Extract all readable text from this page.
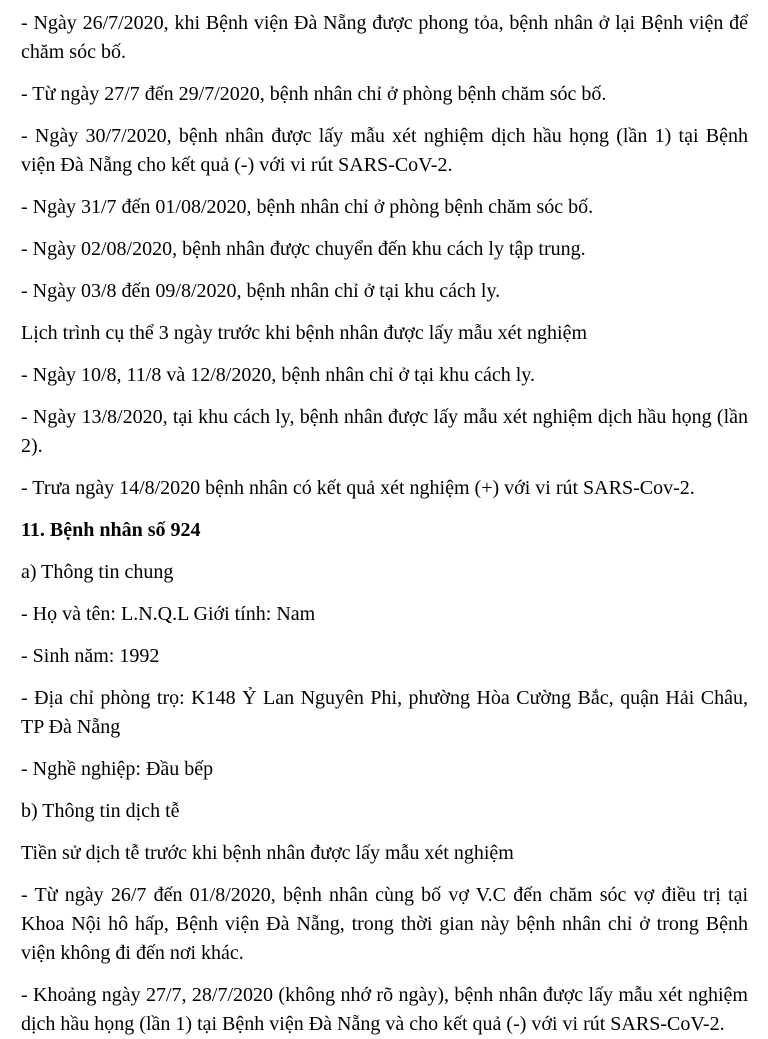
- Ngày 26/7/2020, khi Bệnh viện Đà Nẵng được phong tỏa, bệnh nhân ở lại Bệnh viện để chăm sóc bố.

- Từ ngày 27/7 đến 29/7/2020, bệnh nhân chỉ ở phòng bệnh chăm sóc bố.

- Ngày 30/7/2020, bệnh nhân được lấy mẫu xét nghiệm dịch hầu họng (lần 1) tại Bệnh viện Đà Nẵng cho kết quả (-) với vi rút SARS-CoV-2.

- Ngày 31/7 đến 01/08/2020, bệnh nhân chỉ ở phòng bệnh chăm sóc bố.

- Ngày 02/08/2020, bệnh nhân được chuyển đến khu cách ly tập trung.

- Ngày 03/8 đến 09/8/2020, bệnh nhân chỉ ở tại khu cách ly.

Lịch trình cụ thể 3 ngày trước khi bệnh nhân được lấy mẫu xét nghiệm

- Ngày 10/8, 11/8 và 12/8/2020, bệnh nhân chỉ ở tại khu cách ly.

- Ngày 13/8/2020, tại khu cách ly, bệnh nhân được lấy mẫu xét nghiệm dịch hầu họng (lần 2).

- Trưa ngày 14/8/2020 bệnh nhân có kết quả xét nghiệm (+) với vi rút SARS-Cov-2.

11. Bệnh nhân số 924

a) Thông tin chung

- Họ và tên: L.N.Q.L Giới tính: Nam

- Sinh năm: 1992

- Địa chỉ phòng trọ: K148 Ỷ Lan Nguyên Phi, phường Hòa Cường Bắc, quận Hải Châu, TP Đà Nẵng

- Nghề nghiệp: Đầu bếp

b) Thông tin dịch tễ

Tiền sử dịch tễ trước khi bệnh nhân được lấy mẫu xét nghiệm

- Từ ngày 26/7 đến 01/8/2020, bệnh nhân cùng bố vợ V.C đến chăm sóc vợ điều trị tại Khoa Nội hô hấp, Bệnh viện Đà Nẵng, trong thời gian này bệnh nhân chỉ ở trong Bệnh viện không đi đến nơi khác.

- Khoảng ngày 27/7, 28/7/2020 (không nhớ rõ ngày), bệnh nhân được lấy mẫu xét nghiệm dịch hầu họng (lần 1) tại Bệnh viện Đà Nẵng và cho kết quả (-) với vi rút SARS-CoV-2.
